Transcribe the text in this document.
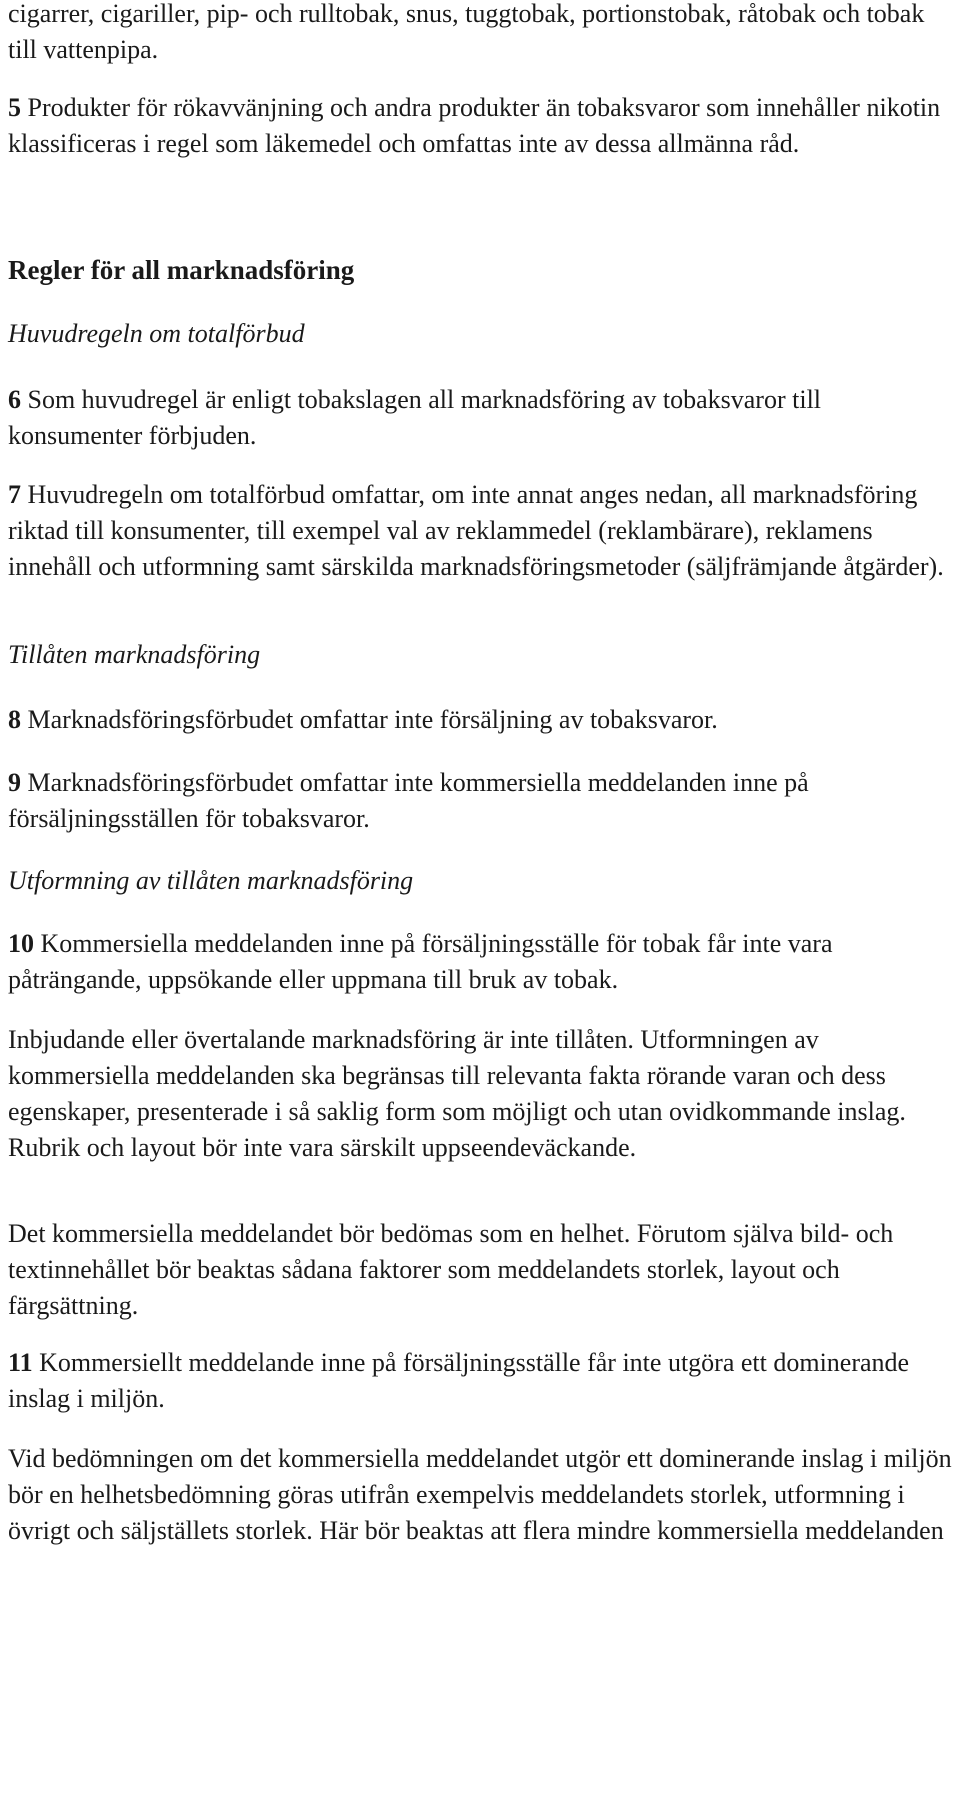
cigarrer, cigariller, pip- och rulltobak, snus, tuggtobak, portionstobak, råtobak och tobak till vattenpipa.

5 Produkter för rökavvänjning och andra produkter än tobaksvaror som innehåller nikotin klassificeras i regel som läkemedel och omfattas inte av dessa allmänna råd.

Regler för all marknadsföring

Huvudregeln om totalförbud

6 Som huvudregel är enligt tobakslagen all marknadsföring av tobaksvaror till konsumenter förbjuden.

7 Huvudregeln om totalförbud omfattar, om inte annat anges nedan, all marknadsföring riktad till konsumenter, till exempel val av reklammedel (reklambärare), reklamens innehåll och utformning samt särskilda marknadsföringsmetoder (säljfrämjande åtgärder).

Tillåten marknadsföring

8 Marknadsföringsförbudet omfattar inte försäljning av tobaksvaror.

9 Marknadsföringsförbudet omfattar inte kommersiella meddelanden inne på försäljningsställen för tobaksvaror.

Utformning av tillåten marknadsföring

10 Kommersiella meddelanden inne på försäljningsställe för tobak får inte vara påträngande, uppsökande eller uppmana till bruk av tobak.

Inbjudande eller övertalande marknadsföring är inte tillåten. Utformningen av kommersiella meddelanden ska begränsas till relevanta fakta rörande varan och dess egenskaper, presenterade i så saklig form som möjligt och utan ovidkommande inslag. Rubrik och layout bör inte vara särskilt uppseendeväckande.

Det kommersiella meddelandet bör bedömas som en helhet. Förutom själva bild- och textinnehållet bör beaktas sådana faktorer som meddelandets storlek, layout och färgsättning.

11 Kommersiellt meddelande inne på försäljningsställe får inte utgöra ett dominerande inslag i miljön.

Vid bedömningen om det kommersiella meddelandet utgör ett dominerande inslag i miljön bör en helhetsbedömning göras utifrån exempelvis meddelandets storlek, utformning i övrigt och säljställets storlek. Här bör beaktas att flera mindre kommersiella meddelanden
